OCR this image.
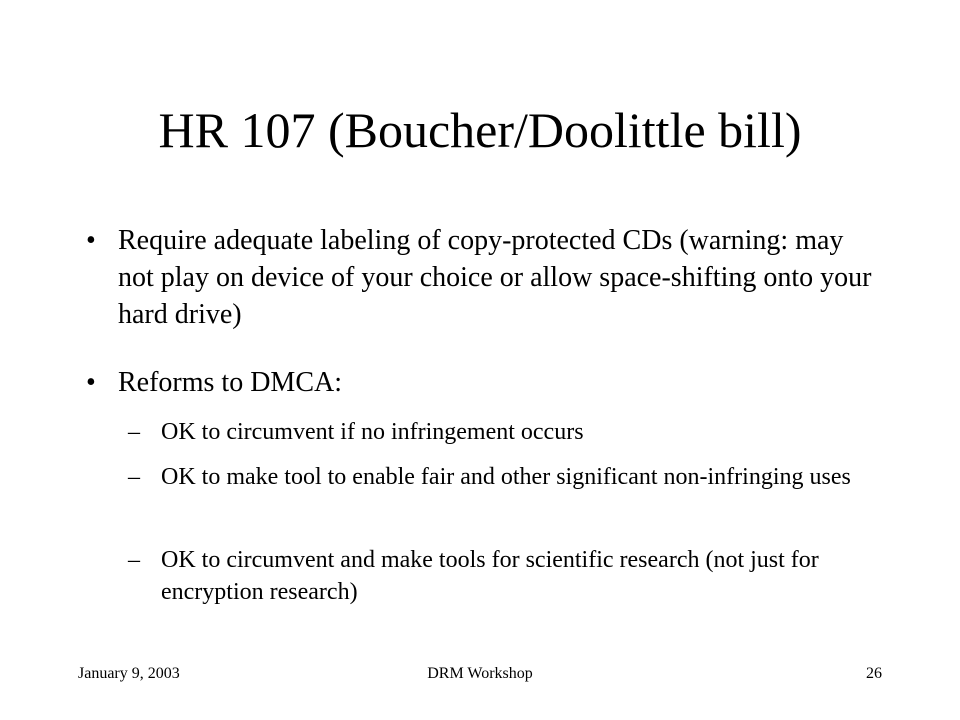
HR 107 (Boucher/Doolittle bill)
• Require adequate labeling of copy-protected CDs (warning: may not play on device of your choice or allow space-shifting onto your hard drive)
• Reforms to DMCA:
– OK to circumvent if no infringement occurs
– OK to make tool to enable fair and other significant non-infringing uses
– OK to circumvent and make tools for scientific research (not just for encryption research)
January 9, 2003	DRM Workshop	26
